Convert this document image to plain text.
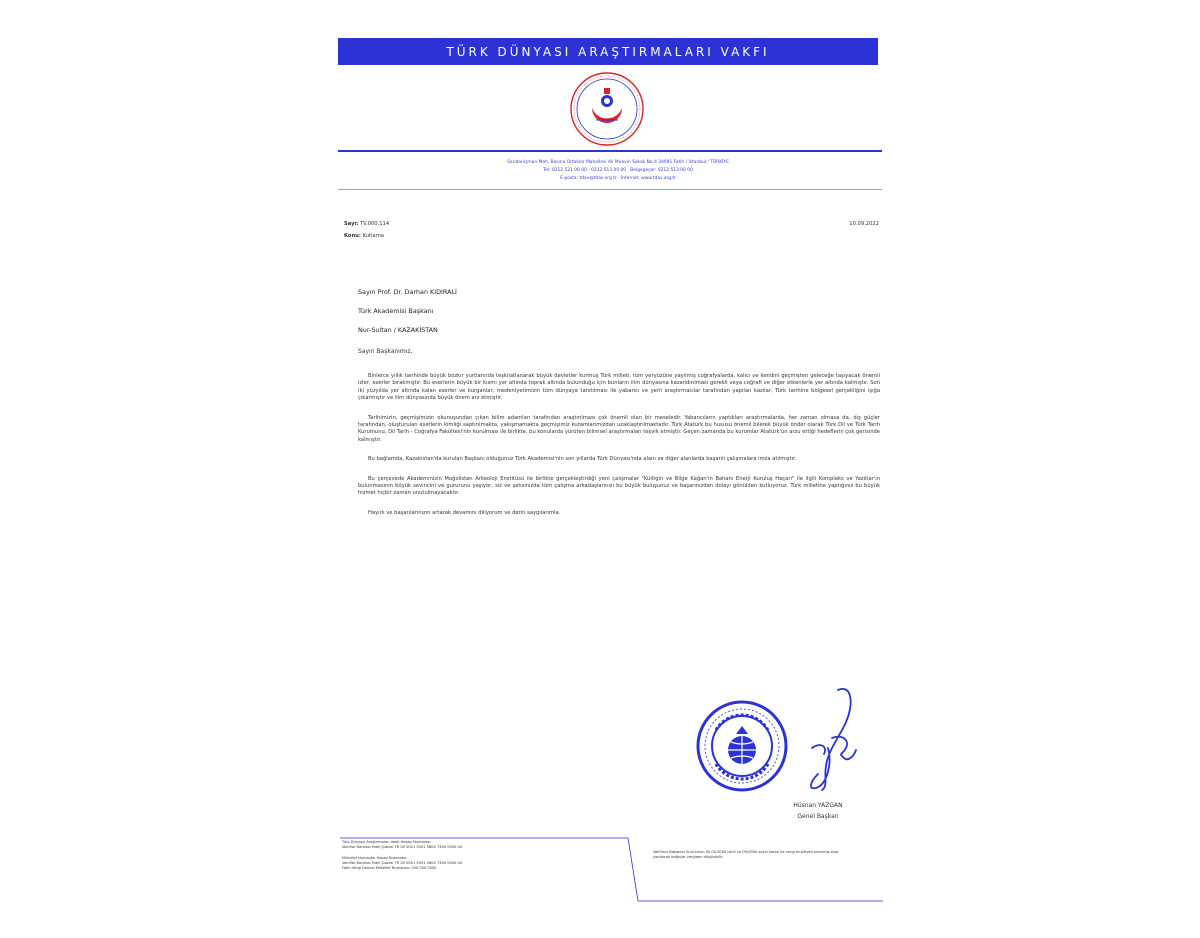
TÜRK DÜNYASI ARAŞTIRMALARI VAKFI
Sarıdanişman Mah. Basına Ortaklar Mahallesi Ali Muavin Sokak No:4 34091 Fatih / İstanbul / TÜRKİYE
Tel: 0212 521 00 00 - 0212 513 00 00 · Belgegeçer: 0212 513 00 00
E-posta: tdav@tdav.org.tr · İnternet: www.tdav.org.tr
Sayı: TV.000.114
Konu: Kutlama
10.09.2022
Sayın Prof. Dr. Darhan KIDIRALİ
Türk Akademisi Başkanı
Nur-Sultan / KAZAKİSTAN
Sayın Başkanımız,

Binlerce yıllık tarihinde büyük bozkır yurtlarında teşkilatlanarak büyük devletler kurmuş Türk milleti, tüm yeryüzüne yayılmış coğrafyalarda, kalıcı ve kendini geçmişten geleceğe taşıyacak önemli izler, eserler bırakmıştır. Bu eserlerin büyük bir kısmı yer altında toprak altında bulunduğu için bunların ilim dünyasına kazandırılması gerekli veya coğrafi ve diğer etkenlerle yer altında kalmıştır. Son iki yüzyılda yer altında kalan eserler ve kurganlar, medeniyetimizin tüm dünyaya tanıtılması ile yabancı ve yerli araştırmacılar tarafından yapılan kazılar, Türk tarihine bölgesel gerçekliğini ışığa çıkarmıştır ve ilim dünyasında büyük önem arz etmiştir.

Tarihimizin, geçmişimizin okunuşundan çıkan bilim adamları tarafından araştırılması çok önemli olan bir meseledir. Yabancıların yaptıkları araştırmalarda, her zaman olmasa da, dış güçler tarafından, oluşturulan eserlerin kimliği saptırılmakta, yakışmamakta geçmişimiz kuramlarımızdan uzaklaştırılmaktadır. Türk Atatürk bu hususu önemli bilerek büyük önder olarak Türk Dil ve Türk Tarih Kurumunu, Dil Tarih - Coğrafya Fakültesi'nin kurulması ile birlikte, bu konularda yürüten bilimsel araştırmaları teşvik etmiştir. Geçen zamanda bu kurumlar Atatürk'ün arzu ettiği hedeflerin çok gerisinde kalmıştır.

Bu bağlamda, Kazakistan'da kurulan Başkanı olduğunuz Türk Akademisi'nin son yıllarda Türk Dünyası'nda alanı ve diğer alanlarda başarılı çalışmalara imza atılmıştır.

Bu çerçevede Akademinizin Moğolistan Arkeoloji Enstitüsü ile birlikte gerçekleştirdiği yeni çalışmalar "Kültigin ve Bilge Kağan'ın Bahanı Enerji Kuruluş Haçarı" ile ilgili Kompleks ve Yazıtlar'ın bulunmasının büyük sevincini ve gururunu yaşıyor, siz ve şahsınızda tüm çalışma arkadaşlarınızı bu büyük buluşunuz ve başarınızdan dolayı gönülden kutluyoruz. Türk milletine yaptığınız bu büyük hizmet hiçbir zaman unutulmayacaktır.

Hayırlı ve başarılarınızın artarak devamını diliyorum ve derin saygılarımla.

Hüsnan YAZGAN
Genel Başkan
Türk Dünyası Araştırmaları Vakfı Hesap Numarası:
Vakıflar Bankası Fatih Şubesi TR 00 0001 5001 5800 7300 0000 00
Mükellef Numarası Hesap Numarası:
Vakıflar Bankası Fatih Şubesi TR 00 0001 5001 5800 7300 0000 00
Fatih Vergi Dairesi Mükellef Numarası: 000 000 0000
Vakfımız Bakanlar Kurulunun 00.00.0000 tarih ve 00/0000 sayılı kararı ile vergi muafiyeti tanınmış olup yapılacak bağışlar vergiden düşülebilir.
